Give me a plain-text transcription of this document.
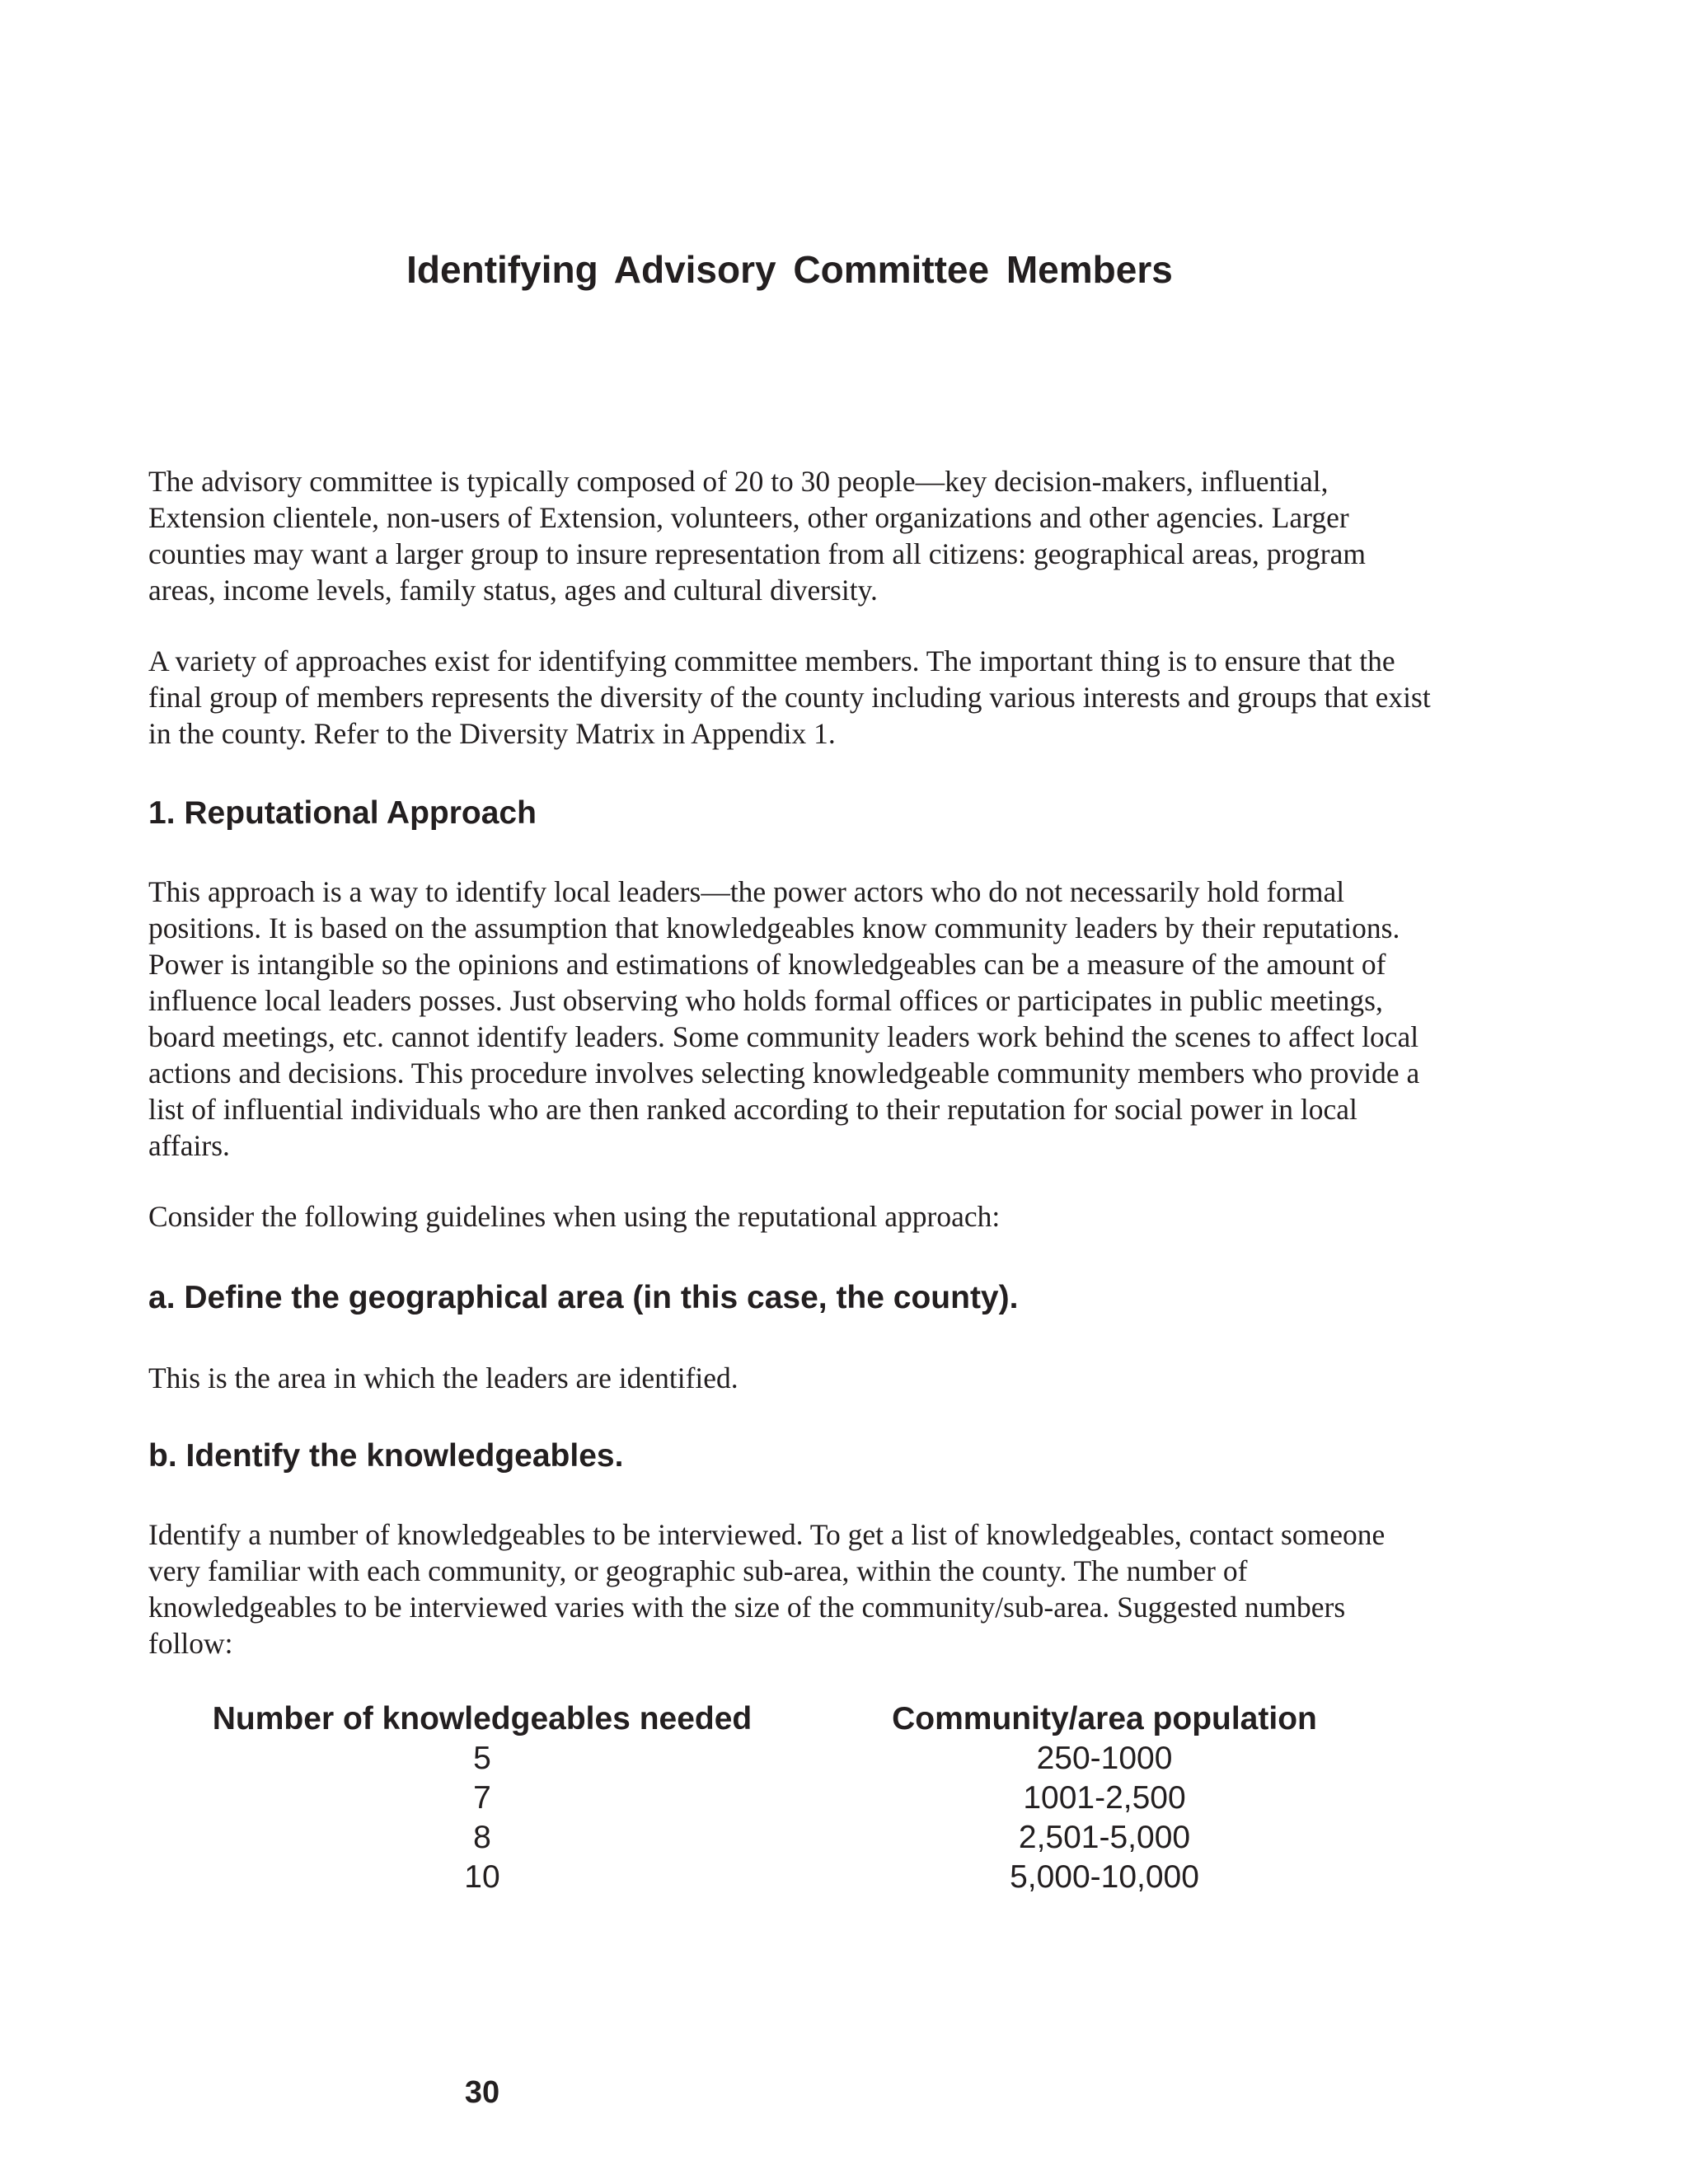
Identifying Advisory Committee Members

The advisory committee is typically composed of 20 to 30 people—key decision-makers, influential, Extension clientele, non-users of Extension, volunteers, other organizations and other agencies. Larger counties may want a larger group to insure representation from all citizens: geographical areas, program areas, income levels, family status, ages and cultural diversity.

A variety of approaches exist for identifying committee members. The important thing is to ensure that the final group of members represents the diversity of the county including various interests and groups that exist in the county. Refer to the Diversity Matrix in Appendix 1.

1. Reputational Approach

This approach is a way to identify local leaders—the power actors who do not necessarily hold formal positions. It is based on the assumption that knowledgeables know community leaders by their reputations. Power is intangible so the opinions and estimations of knowledgeables can be a measure of the amount of influence local leaders posses. Just observing who holds formal offices or participates in public meetings, board meetings, etc. cannot identify leaders. Some community leaders work behind the scenes to affect local actions and decisions. This procedure involves selecting knowledgeable community members who provide a list of influential individuals who are then ranked according to their reputation for social power in local affairs.

Consider the following guidelines when using the reputational approach:

a. Define the geographical area (in this case, the county).

This is the area in which the leaders are identified.

b. Identify the knowledgeables.

Identify a number of knowledgeables to be interviewed. To get a list of knowledgeables, contact someone very familiar with each community, or geographic sub-area, within the county. The number of knowledgeables to be interviewed varies with the size of the community/sub-area. Suggested numbers follow:

Number of knowledgeables needed	Community/area population
5	250-1000
7	1001-2,500
8	2,501-5,000
10	5,000-10,000
30
